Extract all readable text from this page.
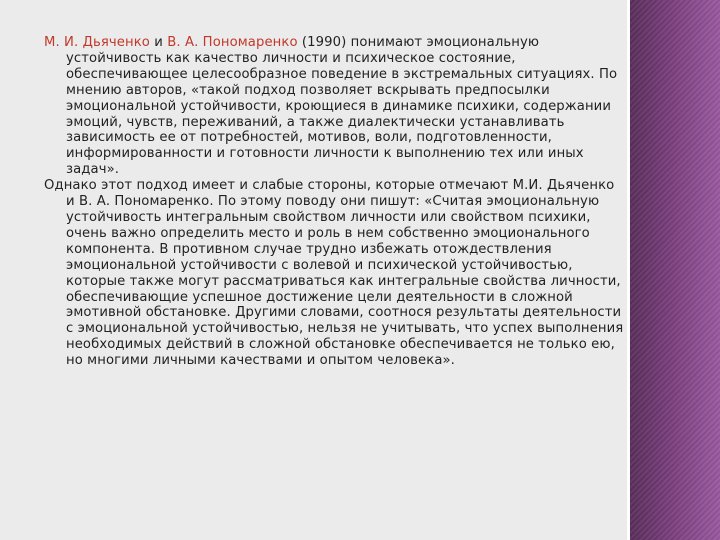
М. И. Дьяченко и В. А. Пономаренко (1990) понимают эмоциональную устойчивость как качество личности и психическое состояние, обеспечивающее целесообразное поведение в экстремальных ситуациях. По мнению авторов, «такой подход позволяет вскрывать предпосылки эмоциональной устойчивости, кроющиеся в динамике психики, содержании эмоций, чувств, переживаний, а также диалектически устанавливать зависимость ее от потребностей, мотивов, воли, подготовленности, информированности и готовности личности к выполнению тех или иных задач».

Однако этот подход имеет и слабые стороны, которые отмечают М.И. Дьяченко и В. А. Пономаренко. По этому поводу они пишут: «Считая эмоциональную устойчивость интегральным свойством личности или свойством психики, очень важно определить место и роль в нем собственно эмоционального компонента. В противном случае трудно избежать отождествления эмоциональной устойчивости с волевой и психической устойчивостью, которые также могут рассматриваться как интегральные свойства личности, обеспечивающие успешное достижение цели деятельности в сложной эмотивной обстановке. Другими словами, соотнося результаты деятельности с эмоциональной устойчивостью, нельзя не учитывать, что успех выполнения необходимых действий в сложной обстановке обеспечивается не только ею, но многими личными качествами и опытом человека».
